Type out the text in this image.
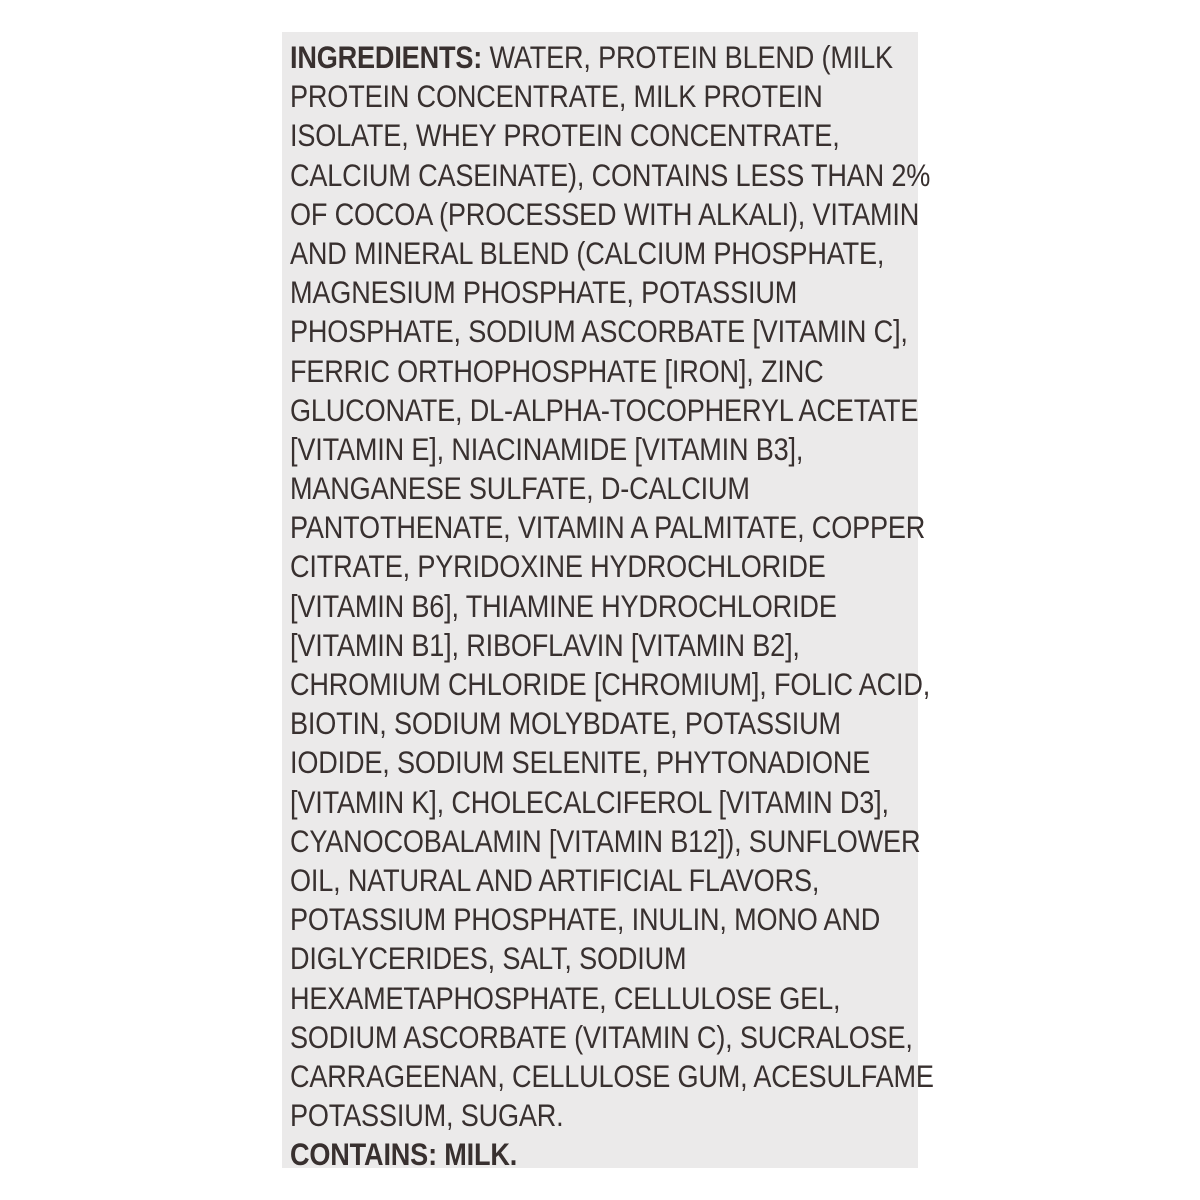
INGREDIENTS: WATER, PROTEIN BLEND (MILK
PROTEIN CONCENTRATE, MILK PROTEIN
ISOLATE, WHEY PROTEIN CONCENTRATE,
CALCIUM CASEINATE), CONTAINS LESS THAN 2%
OF COCOA (PROCESSED WITH ALKALI), VITAMIN
AND MINERAL BLEND (CALCIUM PHOSPHATE,
MAGNESIUM PHOSPHATE, POTASSIUM
PHOSPHATE, SODIUM ASCORBATE [VITAMIN C],
FERRIC ORTHOPHOSPHATE [IRON], ZINC
GLUCONATE, DL-ALPHA-TOCOPHERYL ACETATE
[VITAMIN E], NIACINAMIDE [VITAMIN B3],
MANGANESE SULFATE, D-CALCIUM
PANTOTHENATE, VITAMIN A PALMITATE, COPPER
CITRATE, PYRIDOXINE HYDROCHLORIDE
[VITAMIN B6], THIAMINE HYDROCHLORIDE
[VITAMIN B1], RIBOFLAVIN [VITAMIN B2],
CHROMIUM CHLORIDE [CHROMIUM], FOLIC ACID,
BIOTIN, SODIUM MOLYBDATE, POTASSIUM
IODIDE, SODIUM SELENITE, PHYTONADIONE
[VITAMIN K], CHOLECALCIFEROL [VITAMIN D3],
CYANOCOBALAMIN [VITAMIN B12]), SUNFLOWER
OIL, NATURAL AND ARTIFICIAL FLAVORS,
POTASSIUM PHOSPHATE, INULIN, MONO AND
DIGLYCERIDES, SALT, SODIUM
HEXAMETAPHOSPHATE, CELLULOSE GEL,
SODIUM ASCORBATE (VITAMIN C), SUCRALOSE,
CARRAGEENAN, CELLULOSE GUM, ACESULFAME
POTASSIUM, SUGAR.
CONTAINS: MILK.
